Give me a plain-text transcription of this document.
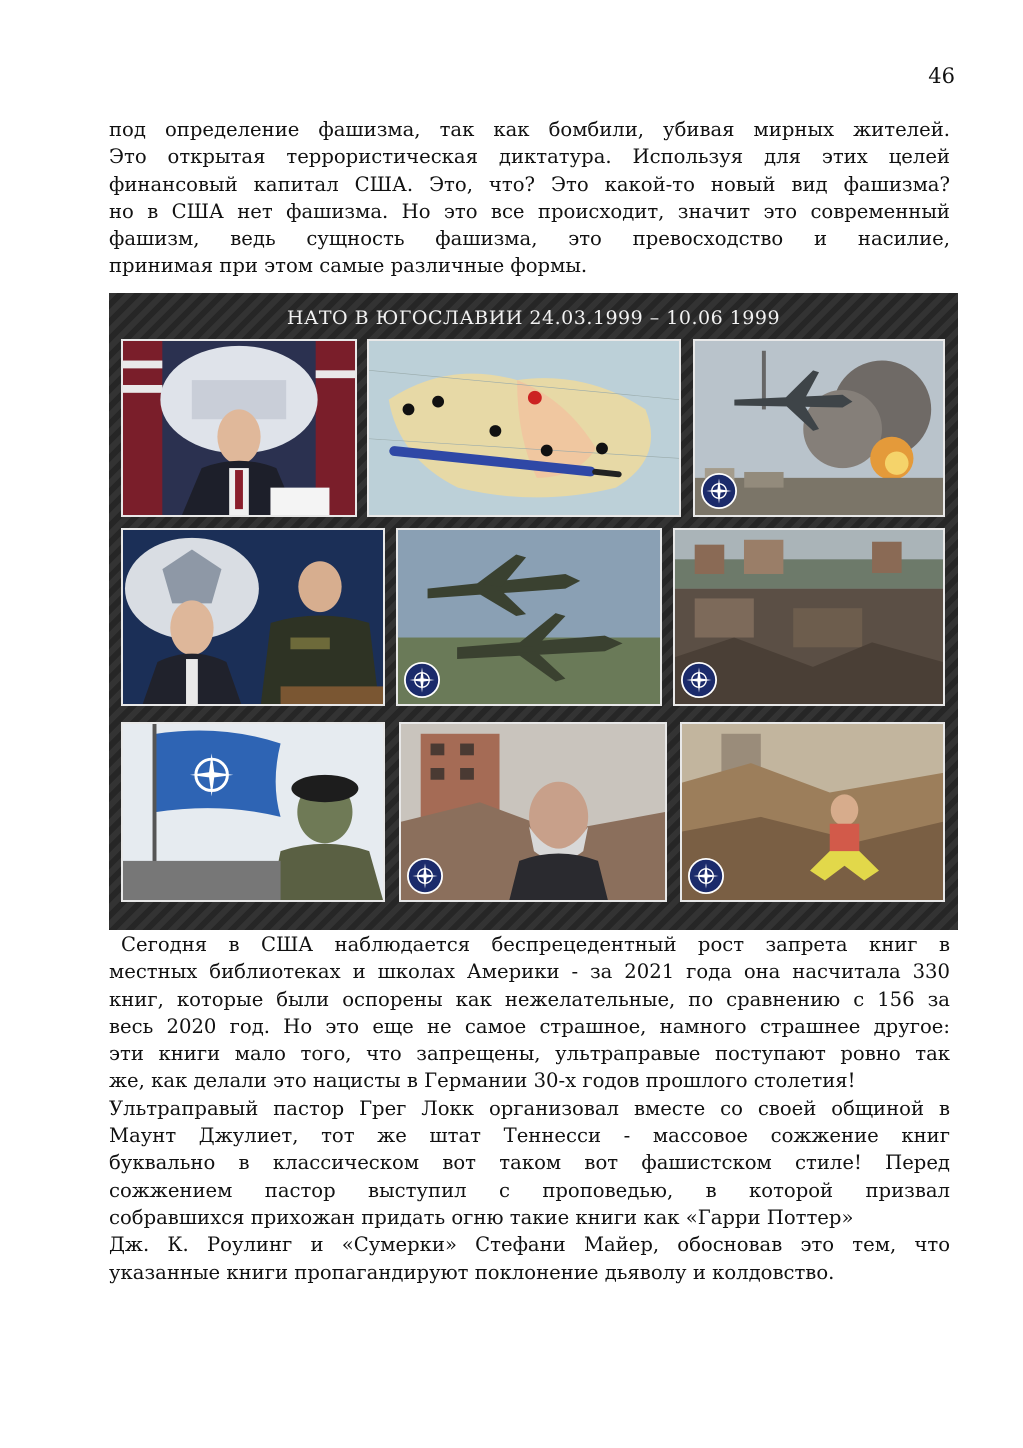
46
под определение фашизма, так как бомбили, убивая мирных жителей.
Это открытая террористическая диктатура. Используя для этих целей
финансовый капитал США. Это, что? Это какой-то новый вид фашизма?
но в США нет фашизма. Но это все происходит, значит это современный
фашизм, ведь сущность фашизма, это превосходство и насилие,
принимая при этом самые различные формы.
НАТО В ЮГОСЛАВИИ 24.03.1999 – 10.06 1999
Сегодня в США наблюдается беспрецедентный рост запрета книг в
местных библиотеках и школах Америки - за 2021 года она насчитала 330
книг, которые были оспорены как нежелательные, по сравнению с 156 за
весь 2020 год. Но это еще не самое страшное, намного страшнее другое:
эти книги мало того, что запрещены, ультраправые поступают ровно так
же, как делали это нацисты в Германии 30-х годов прошлого столетия!
Ультраправый пастор Грег Локк организовал вместе со своей общиной в
Маунт Джулиет, тот же штат Теннесси - массовое сожжение книг
буквально в классическом вот таком вот фашистском стиле! Перед
сожжением пастор выступил с проповедью, в которой призвал
собравшихся прихожан придать огню такие книги как «Гарри Поттер»
Дж. К. Роулинг и «Сумерки» Стефани Майер, обосновав это тем, что
указанные книги пропагандируют поклонение дьяволу и колдовство.
